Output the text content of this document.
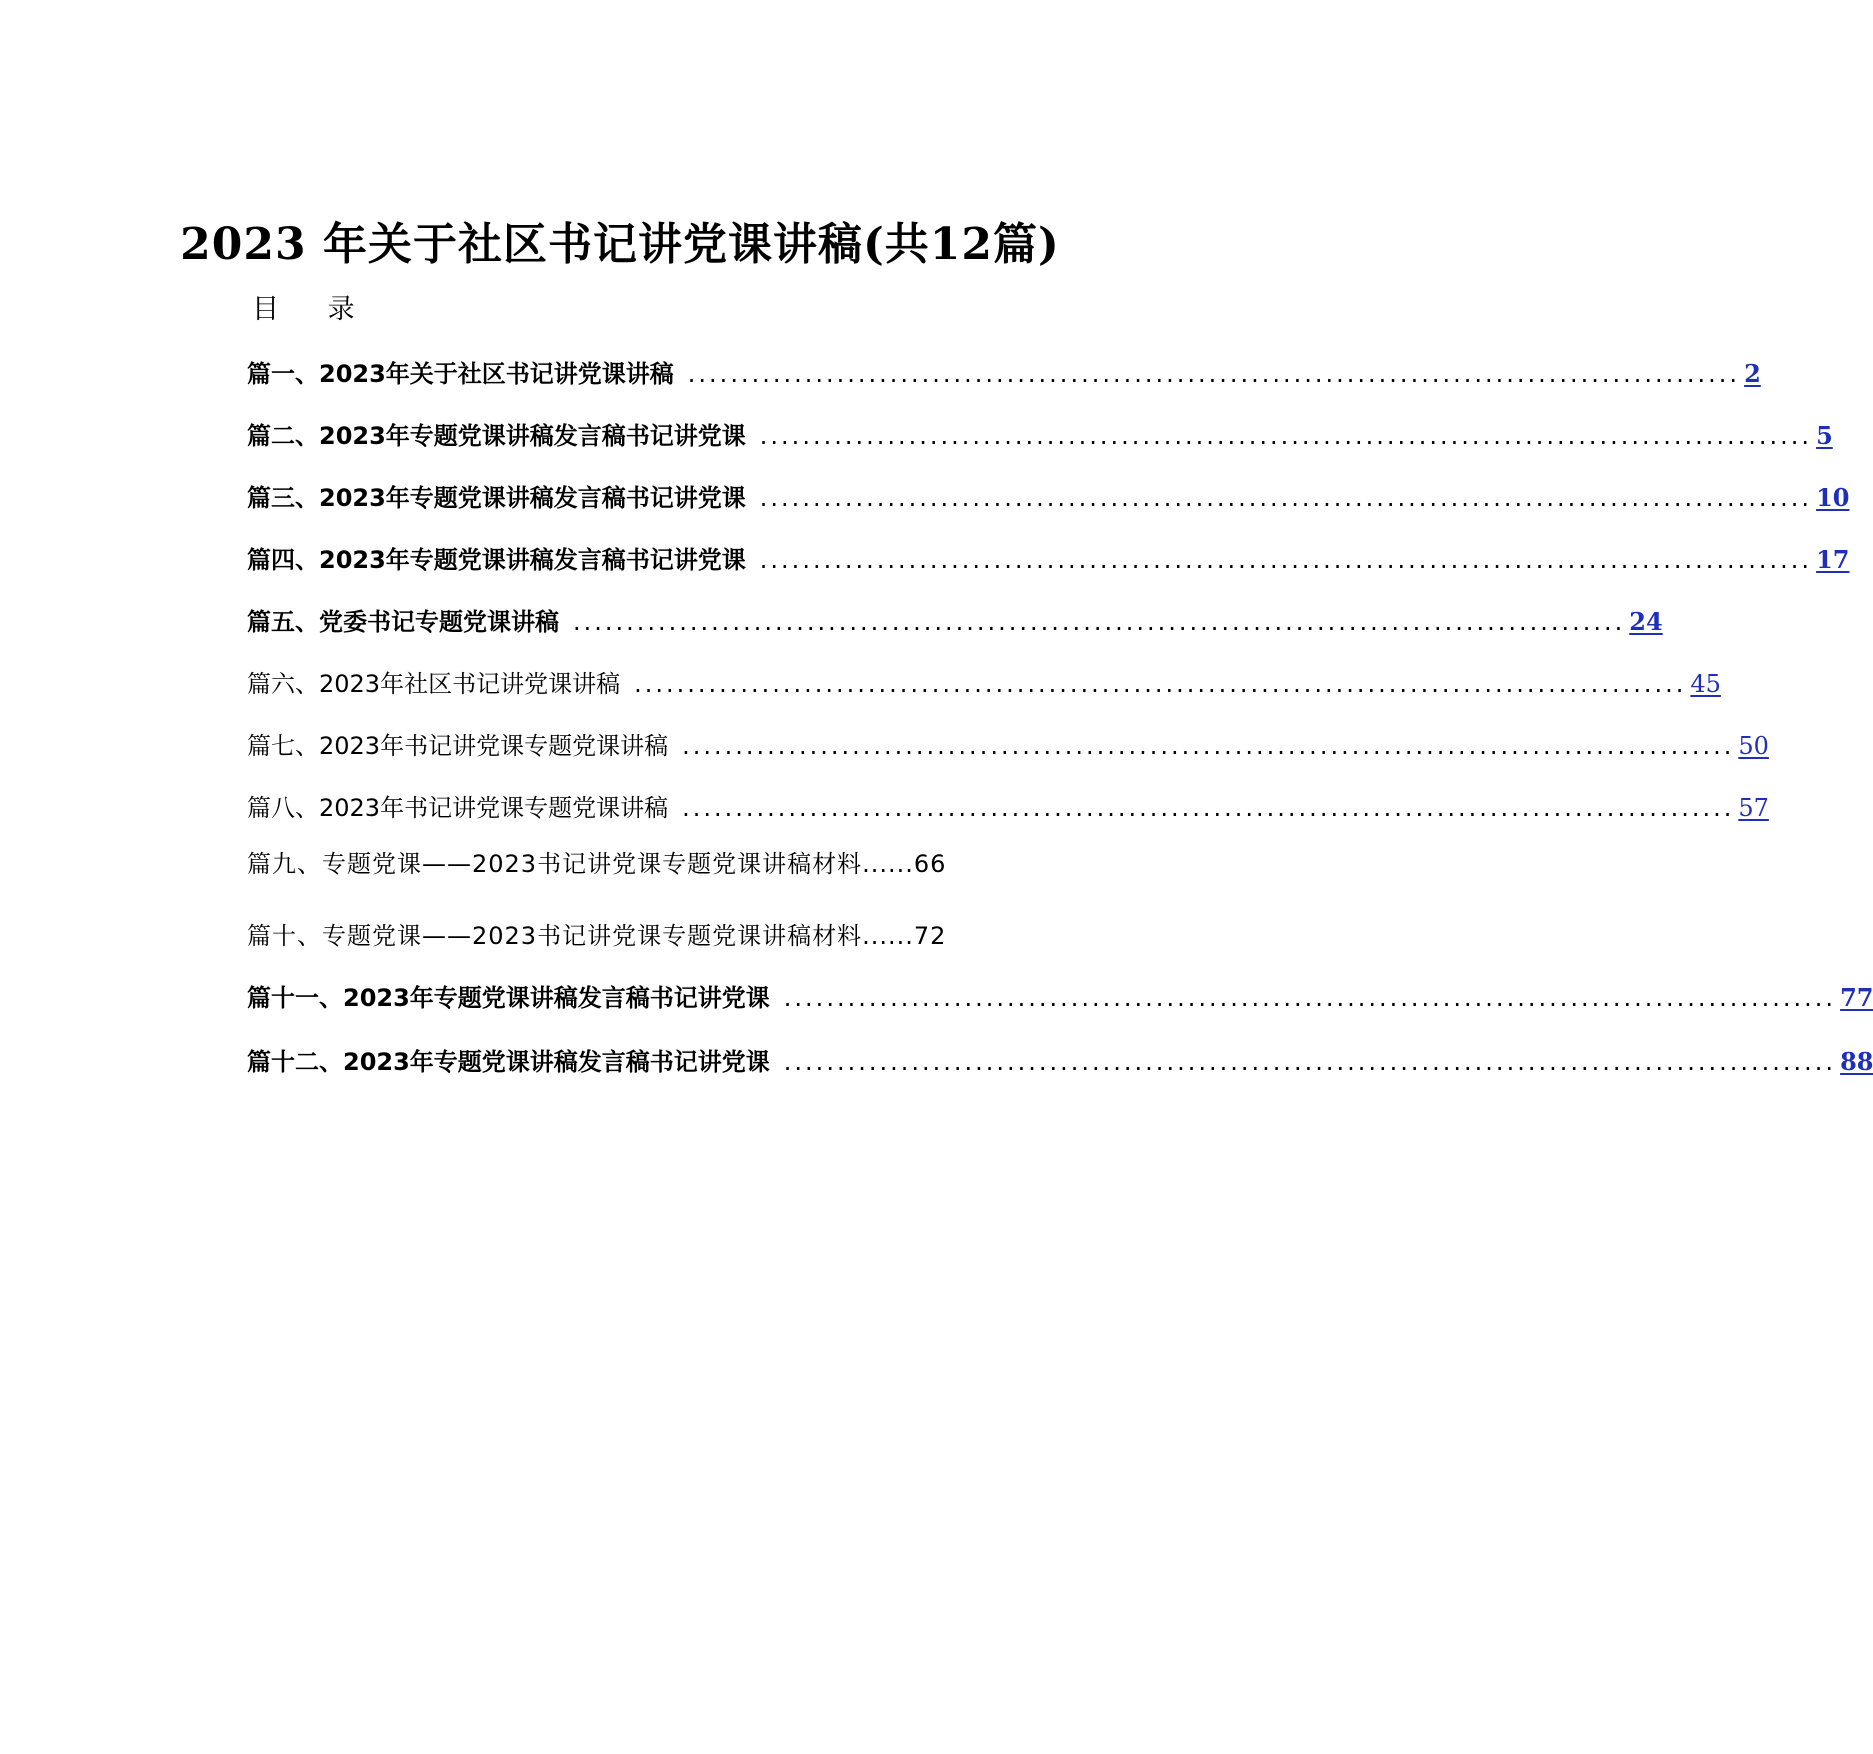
2023 年关于社区书记讲党课讲稿(共12篇)
目 录
篇一、2023年关于社区书记讲党课讲稿 ................................................................................................... 2
篇二、2023年专题党课讲稿发言稿书记讲党课 ................................................................................................... 5
篇三、2023年专题党课讲稿发言稿书记讲党课 ................................................................................................... 10
篇四、2023年专题党课讲稿发言稿书记讲党课 ................................................................................................... 17
篇五、党委书记专题党课讲稿 ................................................................................................... 24
篇六、2023年社区书记讲党课讲稿 ................................................................................................... 45
篇七、2023年书记讲党课专题党课讲稿 ................................................................................................... 50
篇八、2023年书记讲党课专题党课讲稿 ................................................................................................... 57
篇九、专题党课——2023书记讲党课专题党课讲稿材料 ......66
篇十、专题党课——2023书记讲党课专题党课讲稿材料 ......72
篇十一、2023年专题党课讲稿发言稿书记讲党课 ................................................................................................... 77
篇十二、 2023年专题党课讲稿发言稿书记讲党课 ................................................................................................... 88
